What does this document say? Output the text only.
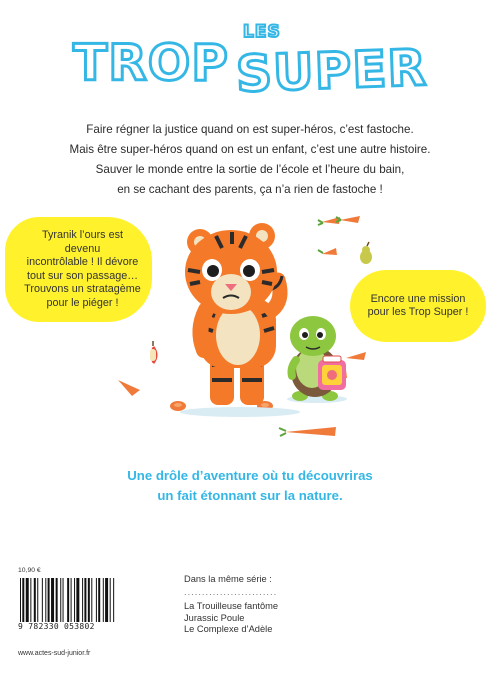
LES
TROP SUPER
Faire régner la justice quand on est super-héros, c’est fastoche.
Mais être super-héros quand on est un enfant, c’est une autre histoire.
Sauver le monde entre la sortie de l’école et l’heure du bain,
en se cachant des parents, ça n’a rien de fastoche !
Tyranik l’ours est devenu
incontrôlable ! Il dévore
tout sur son passage…
Trouvons un stratagème
pour le piéger !	Encore une mission
pour les Trop Super !
Une drôle d’aventure où tu découvriras
un fait étonnant sur la nature.
10,90 €
9 782330 053802
www.actes-sud-junior.fr
Dans la même série :
..........................
La Trouilleuse fantôme
Jurassic Poule
Le Complexe d’Adèle
